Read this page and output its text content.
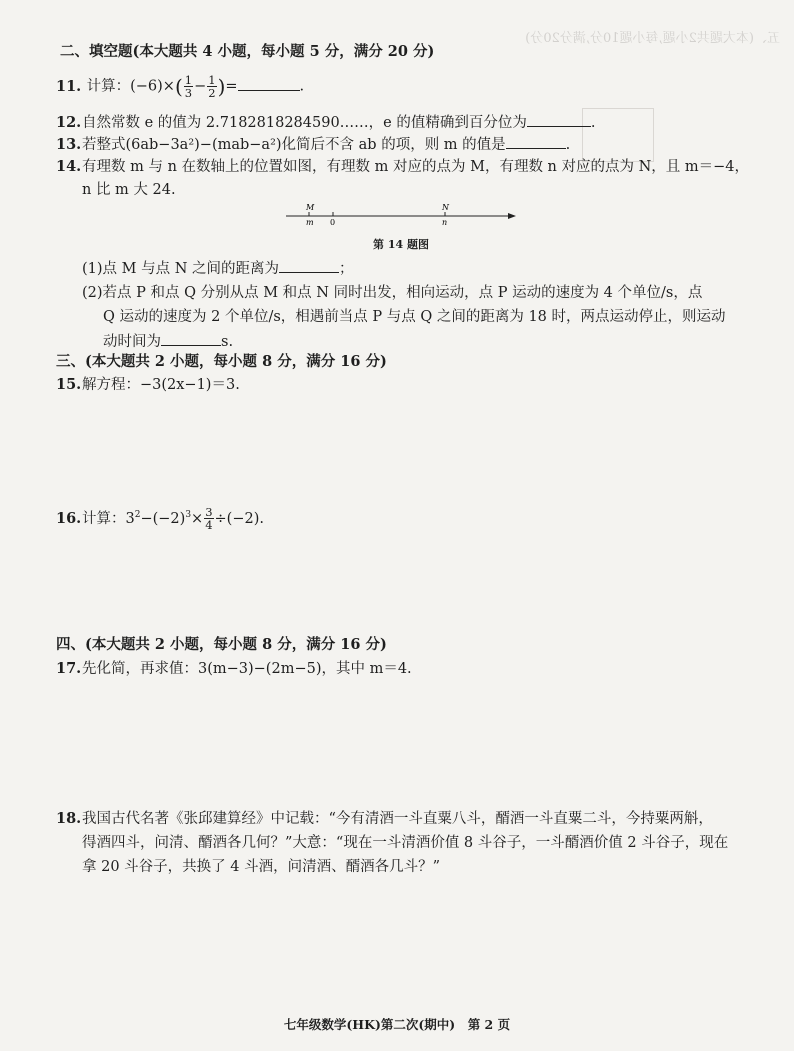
五、(本大题共2小题,每小题10分,满分20分)
二、填空题(本大题共 4 小题，每小题 5 分，满分 20 分)
11. 计算：$(-6)\times( \frac{1}{3} - \frac{1}{2}$ )=	.
12.自然常数 e 的值为 2.7182818284590……，e 的值精确到百分位为	.
13.若整式(6ab−3a²)−(mab−a²)化简后不含 ab 的项，则 m 的值是	.
14.有理数 m 与 n 在数轴上的位置如图，有理数 m 对应的点为 M，有理数 n 对应的点为 N，且 m＝−4，
n 比 m 大 24.
M
m 0
N
n
第 14 题图
(1)点 M 与点 N 之间的距离为	；
(2)若点 P 和点 Q 分别从点 M 和点 N 同时出发，相向运动，点 P 运动的速度为 4 个单位/s，点
Q 运动的速度为 2 个单位/s，相遇前当点 P 与点 Q 之间的距离为 18 时，两点运动停止，则运动
动时间为	s.
三、(本大题共 2 小题，每小题 8 分，满分 16 分)
15.解方程：−3(2x−1)＝3.
16.计算：$3^2-(-2)^3\times \frac{3}{4} \div(-2)$.
四、(本大题共 2 小题，每小题 8 分，满分 16 分)
17.先化简，再求值：3(m−3)−(2m−5)，其中 m＝4.
18.我国古代名著《张邱建算经》中记载：“今有清酒一斗直粟八斗，醑酒一斗直粟二斗，今持粟两斛，
得酒四斗，问清、醑酒各几何？”大意：“现在一斗清酒价值 8 斗谷子，一斗醑酒价值 2 斗谷子，现在
拿 20 斗谷子，共换了 4 斗酒，问清酒、醑酒各几斗？”
七年级数学(HK)第二次(期中)　第 2 页
